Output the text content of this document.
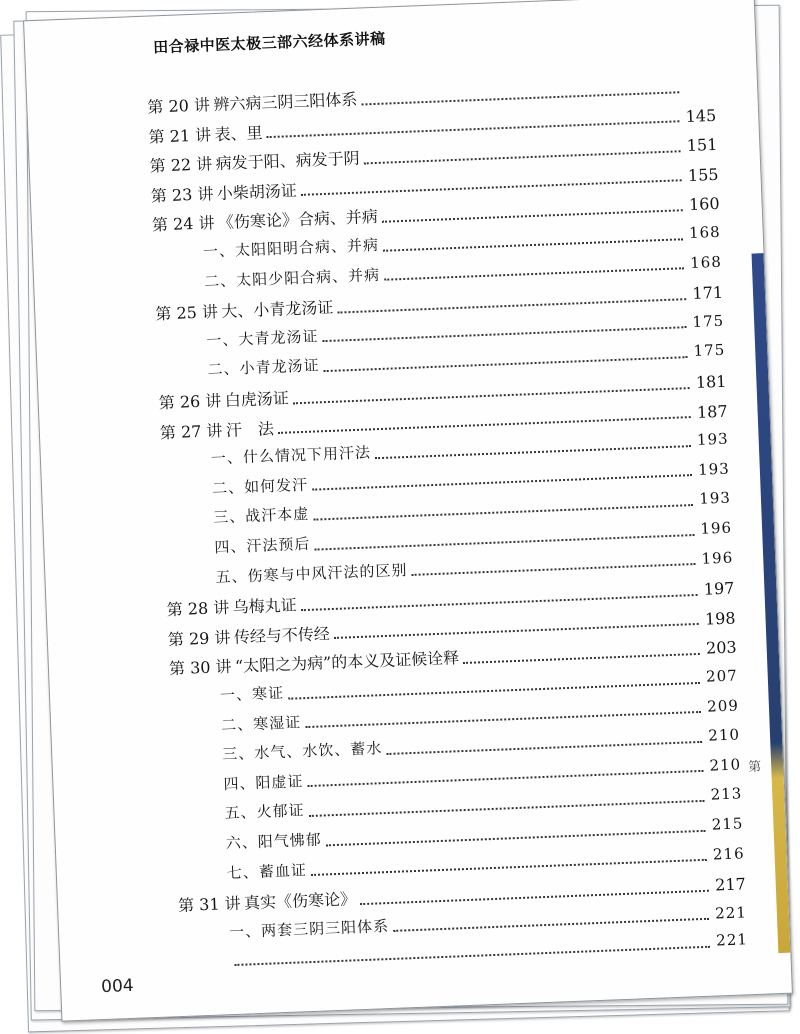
田合禄中医太极三部六经体系讲稿
第 20 讲 辨六病三阴三阳体系
第 21 讲 表、里
145
第 22 讲 病发于阳、病发于阴
151
第 23 讲 小柴胡汤证
155
第 24 讲 《伤寒论》合病、并病
160
一、太阳阳明合病、并病
168
二、太阳少阳合病、并病
168
第 25 讲 大、小青龙汤证
171
一、大青龙汤证
175
二、小青龙汤证
175
第 26 讲 白虎汤证
181
第 27 讲 汗　法
187
一、什么情况下用汗法
193
二、如何发汗
193
三、战汗本虚
193
四、汗法预后
196
五、伤寒与中风汗法的区别
196
第 28 讲 乌梅丸证
197
第 29 讲 传经与不传经
198
第 30 讲 “太阳之为病”的本义及证候诠释
203
一、寒证
207
二、寒湿证
209
三、水气、水饮、蓄水
210
四、阳虚证
210
五、火郁证
213
六、阳气怫郁
215
七、蓄血证
216
第 31 讲 真实《伤寒论》
217
一、两套三阴三阳体系
221
221
第
004
